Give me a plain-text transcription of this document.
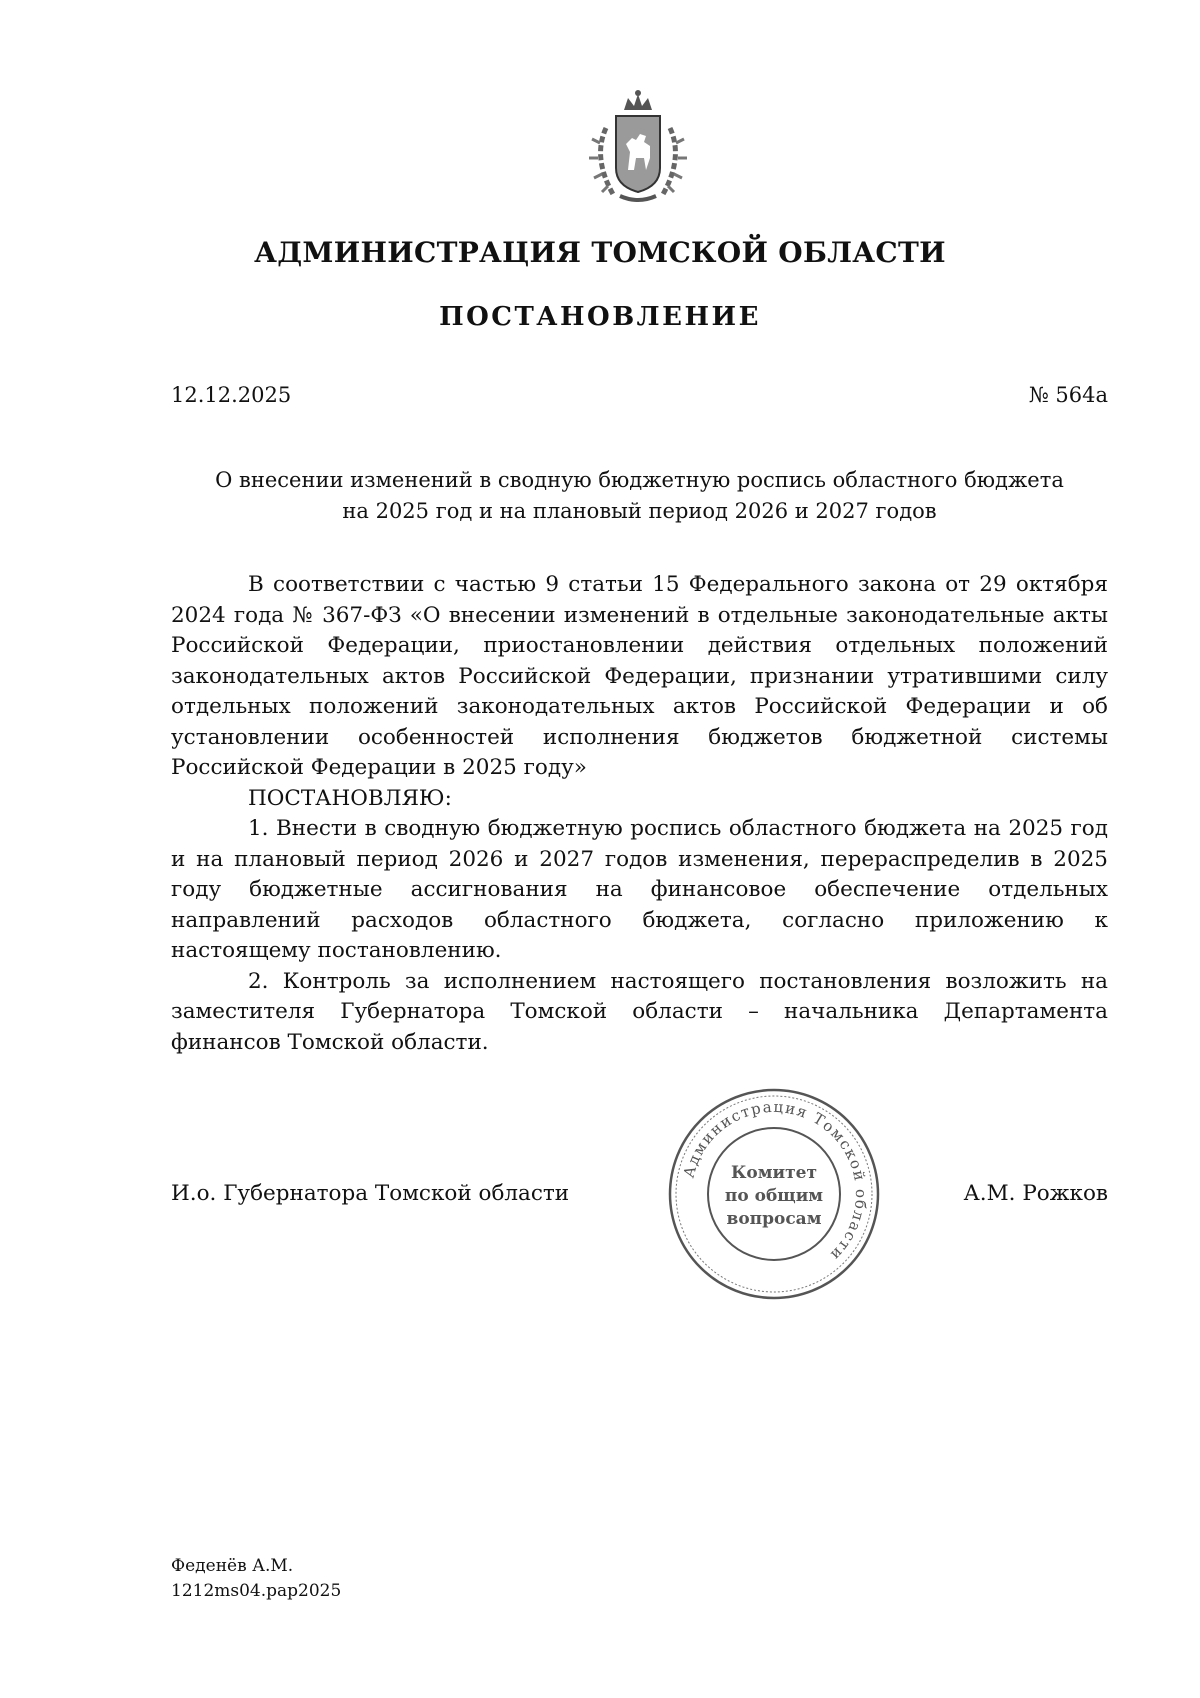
АДМИНИСТРАЦИЯ ТОМСКОЙ ОБЛАСТИ
ПОСТАНОВЛЕНИЕ
12.12.2025	№ 564а
О внесении изменений в сводную бюджетную роспись областного бюджета
на 2025 год и на плановый период 2026 и 2027 годов

В соответствии с частью 9 статьи 15 Федерального закона от 29 октября 2024 года № 367-ФЗ «О внесении изменений в отдельные законодательные акты Российской Федерации, приостановлении действия отдельных положений законодательных актов Российской Федерации, признании утратившими силу отдельных положений законодательных актов Российской Федерации и об установлении особенностей исполнения бюджетов бюджетной системы Российской Федерации в 2025 году»

ПОСТАНОВЛЯЮ:

1. Внести в сводную бюджетную роспись областного бюджета на 2025 год и на плановый период 2026 и 2027 годов изменения, перераспределив в 2025 году бюджетные ассигнования на финансовое обеспечение отдельных направлений расходов областного бюджета, согласно приложению к настоящему постановлению.

2. Контроль за исполнением настоящего постановления возложить на заместителя Губернатора Томской области – начальника Департамента финансов Томской области.

И.о. Губернатора Томской области	А.М. Рожков
Администрация Томской области
Комитет
по общим
вопросам
Феденёв А.М.
1212ms04.pap2025
